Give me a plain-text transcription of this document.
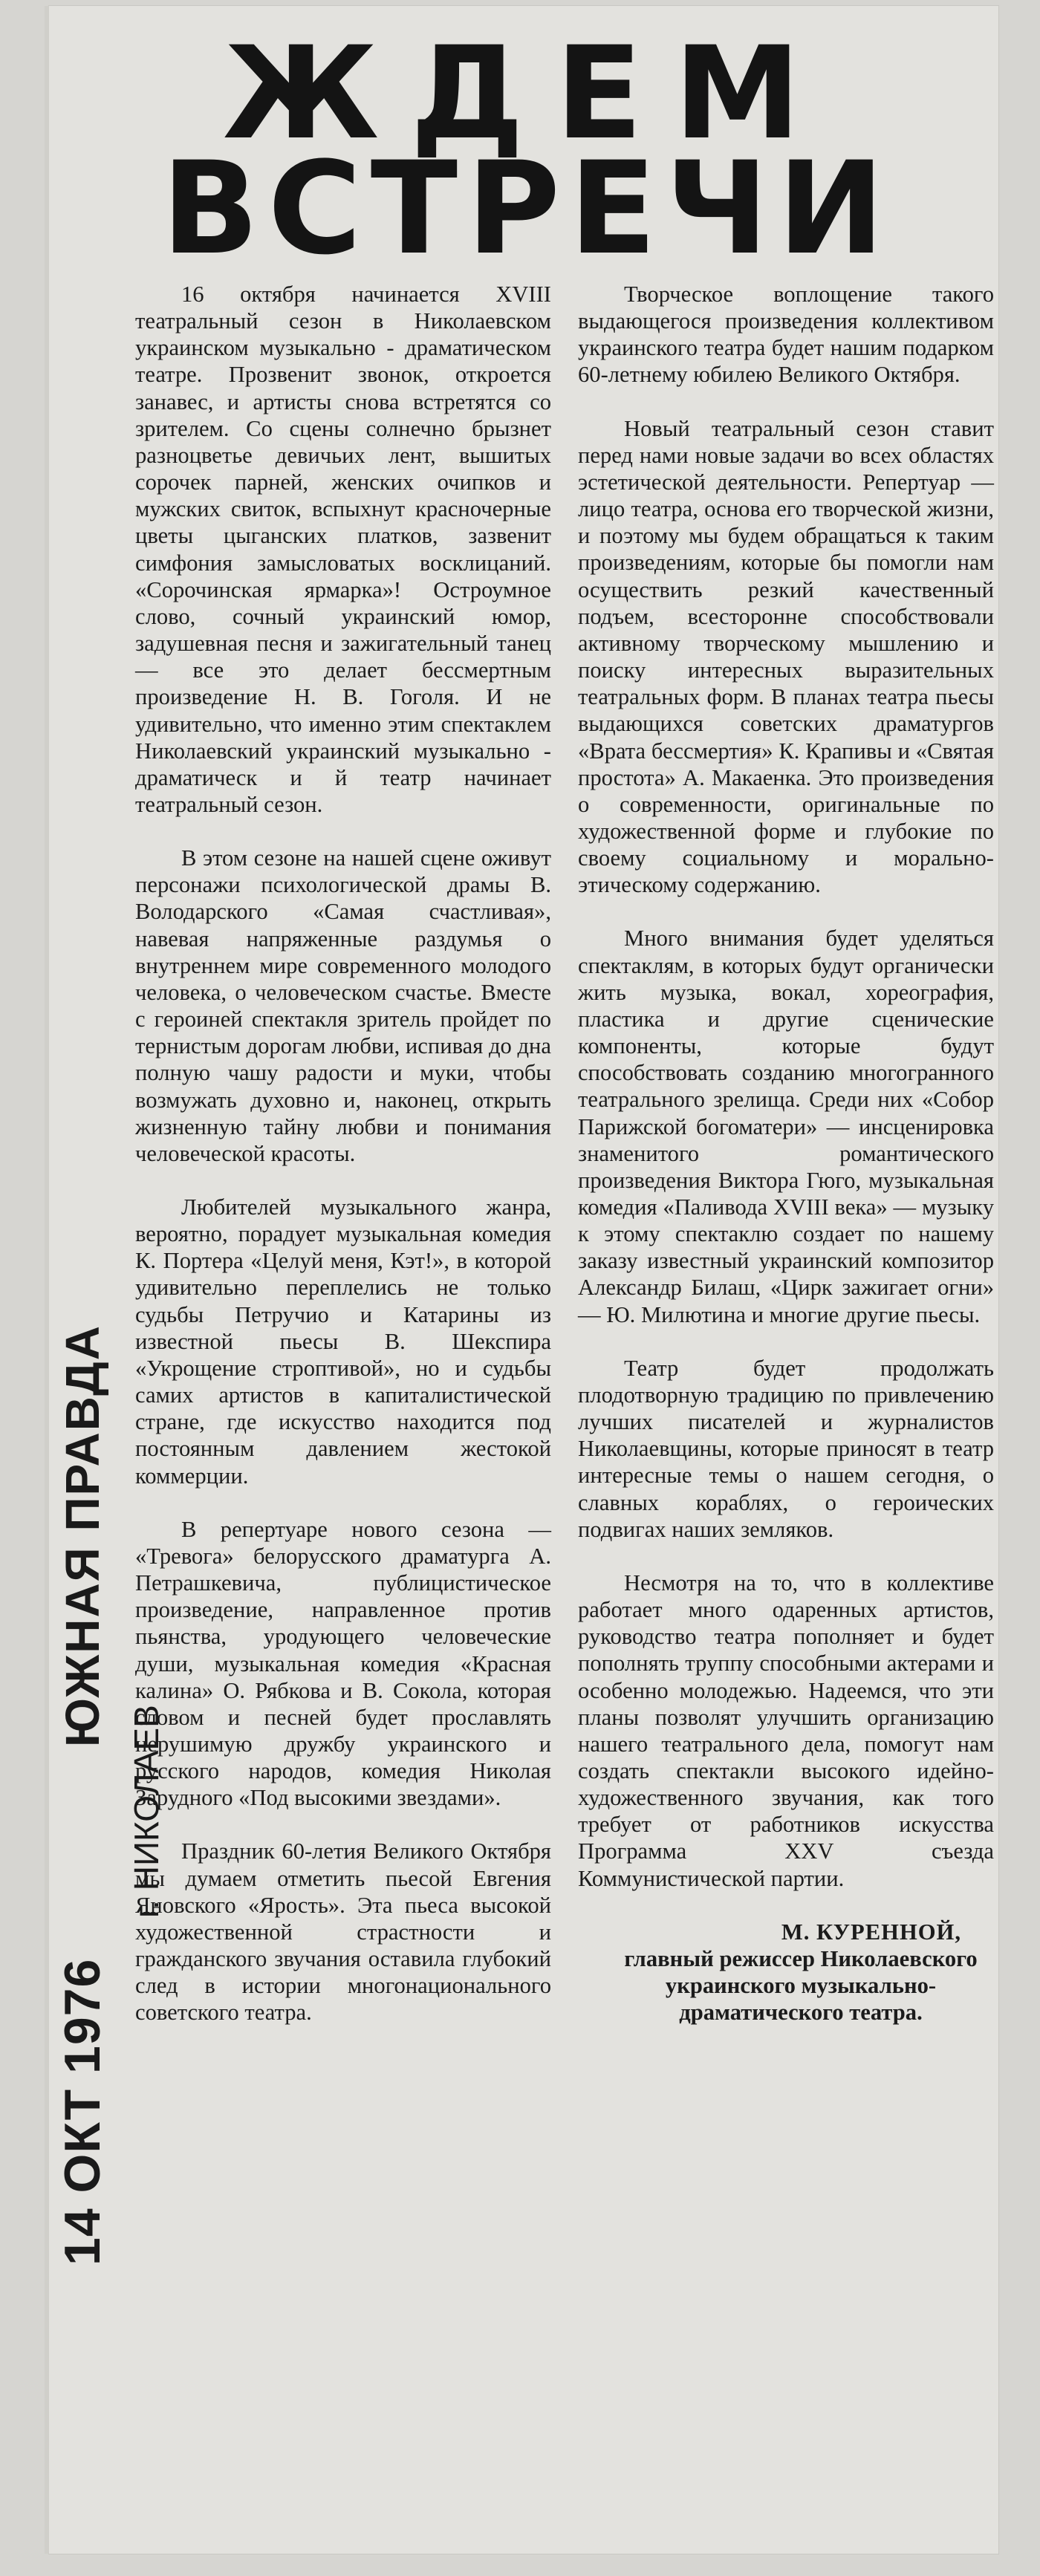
ЖДЕМ
ВСТРЕЧИ

16 октября начинается XVIII театральный сезон в Николаевском украинском музыкально - драматическом театре. Прозвенит звонок, откроется занавес, и артисты снова встретятся со зрителем. Со сцены солнечно брызнет разноцветье девичьих лент, вышитых сорочек парней, женских очипков и мужских свиток, вспыхнут красночерные цветы цыганских платков, зазвенит симфония замысловатых восклицаний. «Сорочинская ярмарка»! Остроумное слово, сочный украинский юмор, задушевная песня и зажигательный танец — все это делает бессмертным произведение Н. В. Гоголя. И не удивительно, что именно этим спектаклем Николаевский украинский музыкально - драматическ и й театр начинает театральный сезон.

В этом сезоне на нашей сцене оживут персонажи психологической драмы В. Володарского «Самая счастливая», навевая напряженные раздумья о внутреннем мире современного молодого человека, о человеческом счастье. Вместе с героиней спектакля зритель пройдет по тернистым дорогам любви, испивая до дна полную чашу радости и муки, чтобы возмужать духовно и, наконец, открыть жизненную тайну любви и понимания человеческой красоты.

Любителей музыкального жанра, вероятно, порадует музыкальная комедия К. Портера «Целуй меня, Кэт!», в которой удивительно переплелись не только судьбы Петручио и Катарины из известной пьесы В. Шекспира «Укрощение строптивой», но и судьбы самих артистов в капиталистической стране, где искусство находится под постоянным давлением жестокой коммерции.

В репертуаре нового сезона — «Тревога» белорусского драматурга А. Петрашкевича, публицистическое произведение, направленное против пьянства, уродующего человеческие души, музыкальная комедия «Красная калина» О. Рябкова и В. Сокола, которая словом и песней будет прославлять нерушимую дружбу украинского и русского народов, комедия Николая Зарудного «Под высокими звездами».

Праздник 60-летия Великого Октября мы думаем отметить пьесой Евгения Яновского «Ярость». Эта пьеса высокой художественной страстности и гражданского звучания оставила глубокий след в истории многонационального советского театра.

Творческое воплощение такого выдающегося произведения коллективом украинского театра будет нашим подарком 60-летнему юбилею Великого Октября.

Новый театральный сезон ставит перед нами новые задачи во всех областях эстетической деятельности. Репертуар — лицо театра, основа его творческой жизни, и поэтому мы будем обращаться к таким произведениям, которые бы помогли нам осуществить резкий качественный подъем, всесторонне способствовали активному творческому мышлению и поиску интересных выразительных театральных форм. В планах театра пьесы выдающихся советских драматургов «Врата бессмертия» К. Крапивы и «Святая простота» А. Макаенка. Это произведения о современности, оригинальные по художественной форме и глубокие по своему социальному и морально-этическому содержанию.

Много внимания будет уделяться спектаклям, в которых будут органически жить музыка, вокал, хореография, пластика и другие сценические компоненты, которые будут способствовать созданию многогранного театрального зрелища. Среди них «Собор Парижской богоматери» — инсценировка знаменитого романтического произведения Виктора Гюго, музыкальная комедия «Паливода XVIII века» — музыку к этому спектаклю создает по нашему заказу известный украинский композитор Александр Билаш, «Цирк зажигает огни» — Ю. Милютина и многие другие пьесы.

Театр будет продолжать плодотворную традицию по привлечению лучших писателей и журналистов Николаевщины, которые приносят в театр интересные темы о нашем сегодня, о славных кораблях, о героических подвигах наших земляков.

Несмотря на то, что в коллективе работает много одаренных артистов, руководство театра пополняет и будет пополнять труппу способными актерами и особенно молодежью. Надеемся, что эти планы позволят улучшить организацию нашего театрального дела, помогут нам создать спектакли высокого идейно-художественного звучания, как того требует от работников искусства Программа XXV съезда Коммунистической партии.

М. КУРЕННОЙ,

главный режиссер Николаевского украинского музыкально-драматического театра.

ЮЖНАЯ ПРАВДА
г. НИКОЛАЕВ
14 ОКТ 1976
